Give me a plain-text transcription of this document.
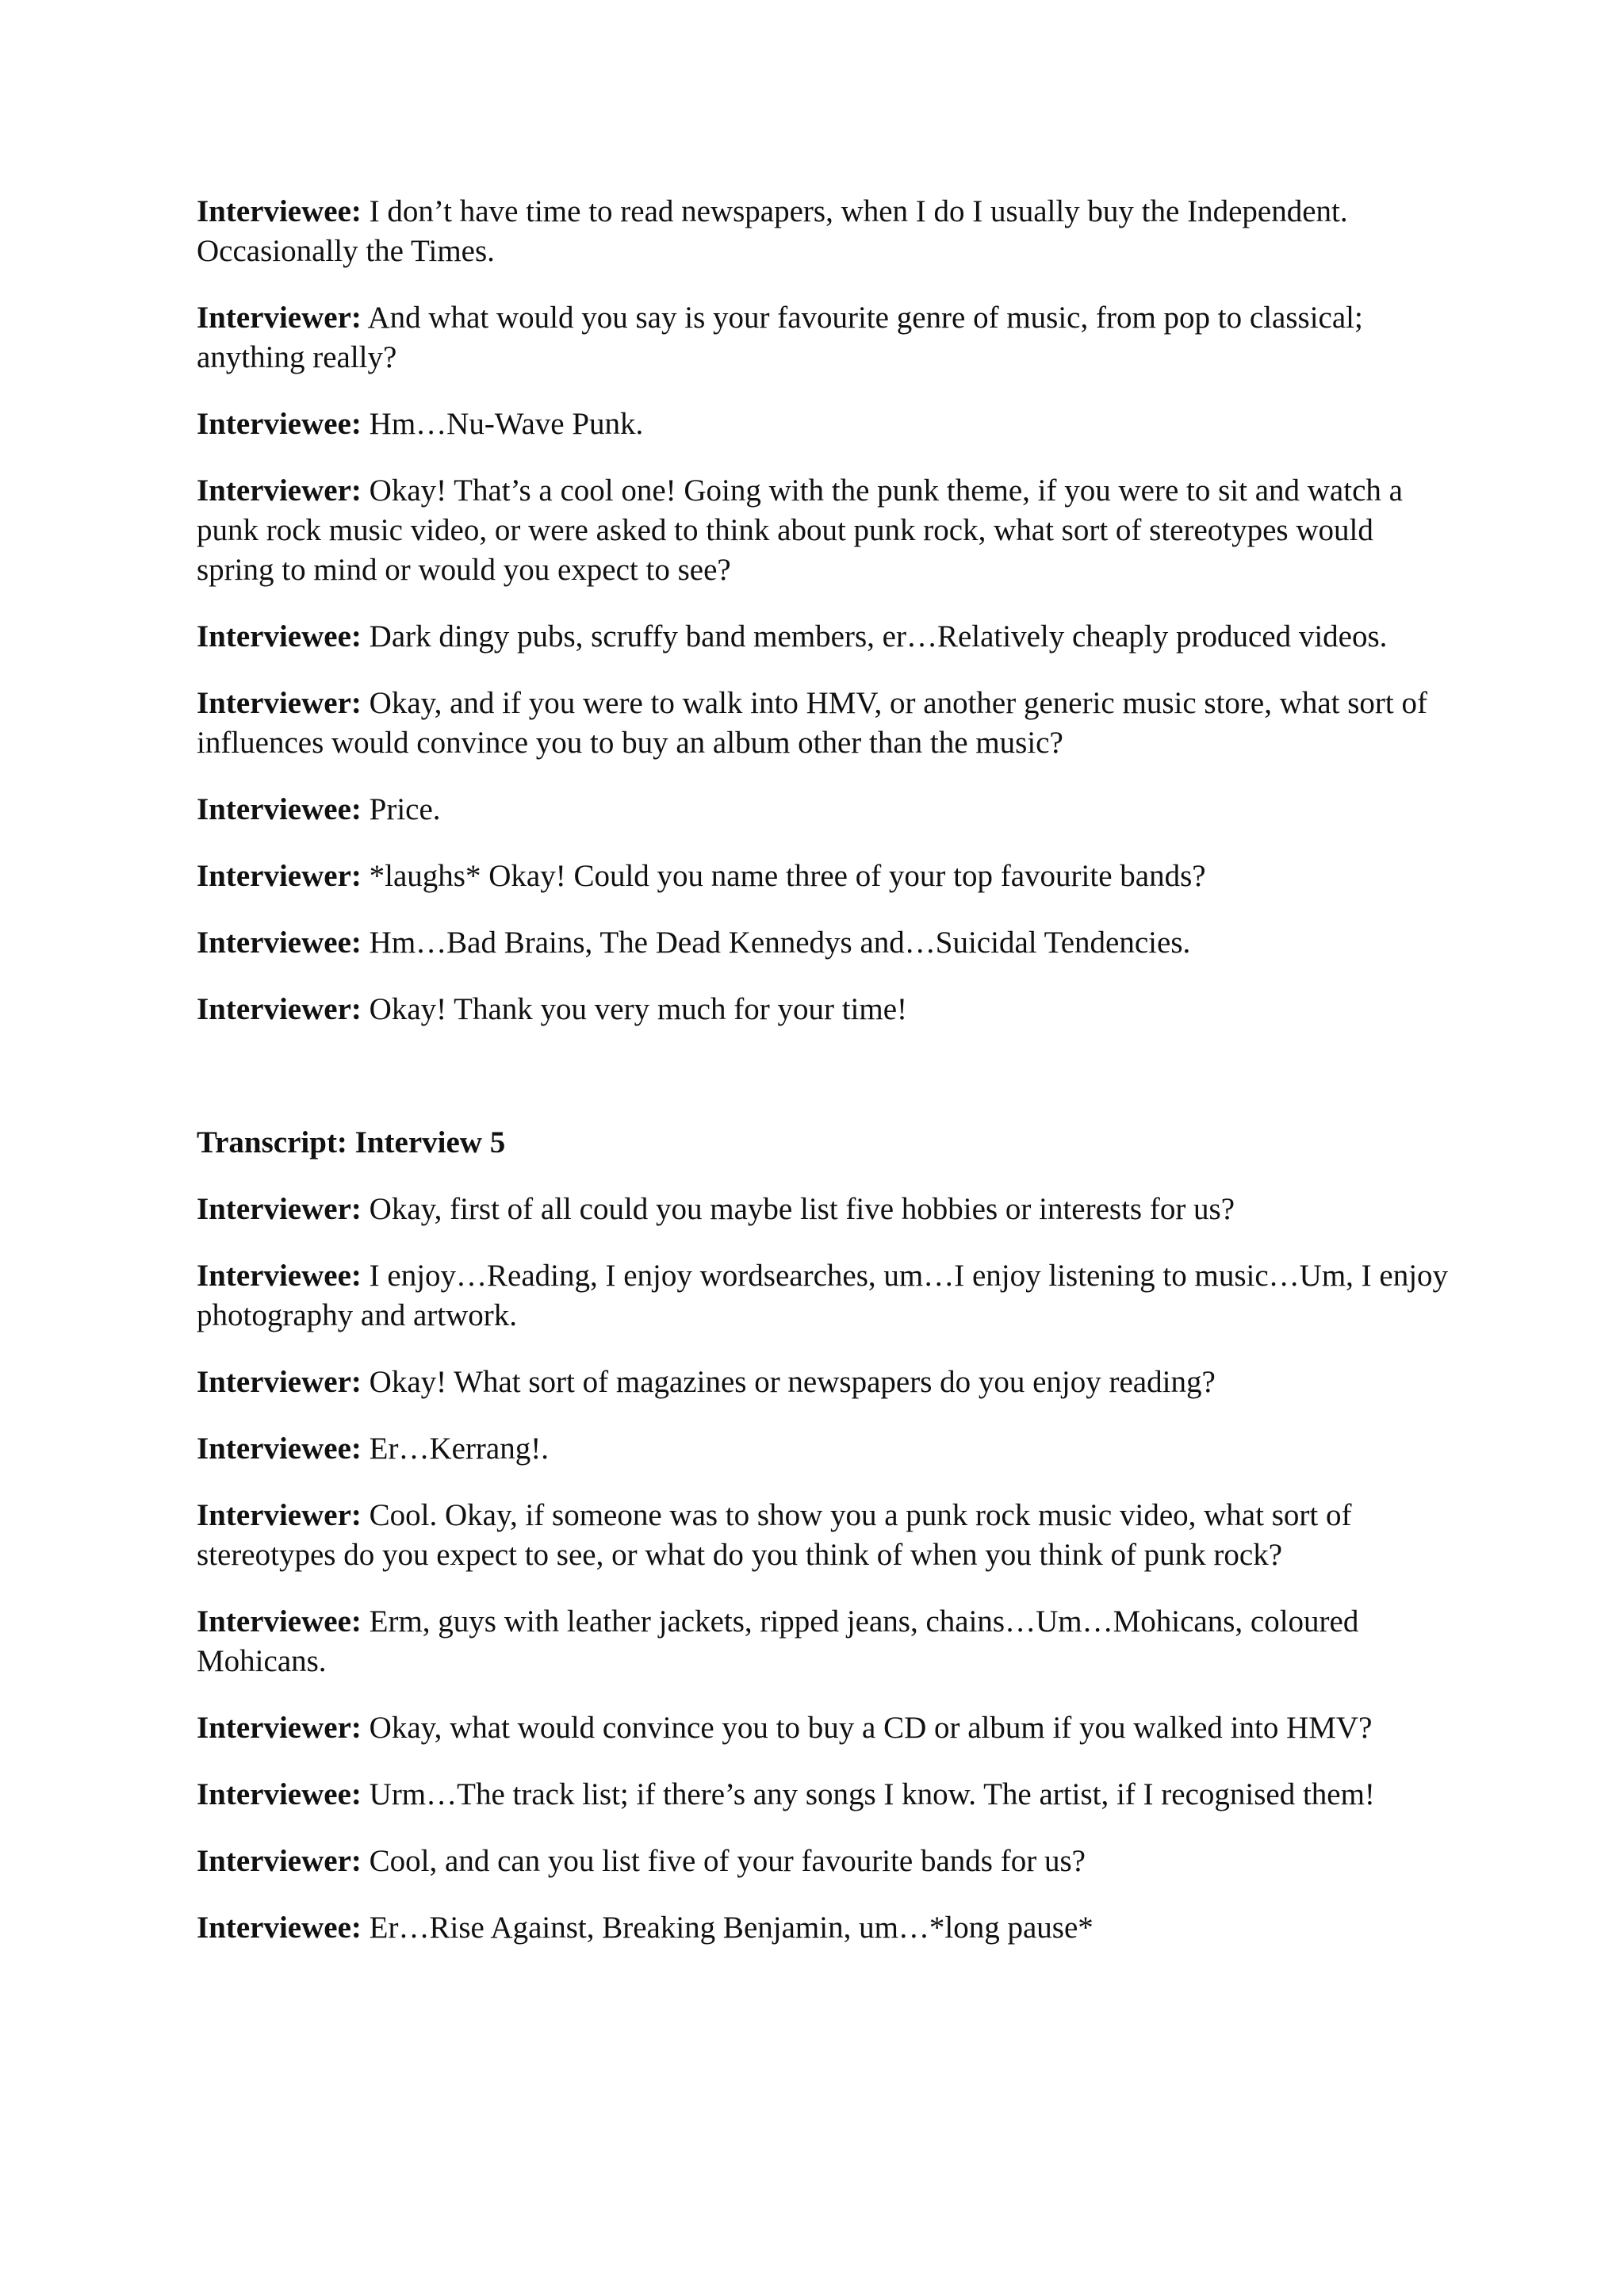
Interviewee: I don’t have time to read newspapers, when I do I usually buy the Independent. Occasionally the Times.

Interviewer: And what would you say is your favourite genre of music, from pop to classical; anything really?

Interviewee: Hm…Nu-Wave Punk.

Interviewer: Okay! That’s a cool one! Going with the punk theme, if you were to sit and watch a punk rock music video, or were asked to think about punk rock, what sort of stereotypes would spring to mind or would you expect to see?

Interviewee: Dark dingy pubs, scruffy band members, er…Relatively cheaply produced videos.

Interviewer: Okay, and if you were to walk into HMV, or another generic music store, what sort of influences would convince you to buy an album other than the music?

Interviewee: Price.

Interviewer: *laughs* Okay! Could you name three of your top favourite bands?

Interviewee: Hm…Bad Brains, The Dead Kennedys and…Suicidal Tendencies.

Interviewer: Okay! Thank you very much for your time!

Transcript: Interview 5

Interviewer: Okay, first of all could you maybe list five hobbies or interests for us?

Interviewee: I enjoy…Reading, I enjoy wordsearches, um…I enjoy listening to music…Um, I enjoy photography and artwork.

Interviewer: Okay! What sort of magazines or newspapers do you enjoy reading?

Interviewee: Er…Kerrang!.

Interviewer: Cool. Okay, if someone was to show you a punk rock music video, what sort of stereotypes do you expect to see, or what do you think of when you think of punk rock?

Interviewee: Erm, guys with leather jackets, ripped jeans, chains…Um…Mohicans, coloured Mohicans.

Interviewer: Okay, what would convince you to buy a CD or album if you walked into HMV?

Interviewee: Urm…The track list; if there’s any songs I know. The artist, if I recognised them!

Interviewer: Cool, and can you list five of your favourite bands for us?

Interviewee: Er…Rise Against, Breaking Benjamin, um…*long pause*
